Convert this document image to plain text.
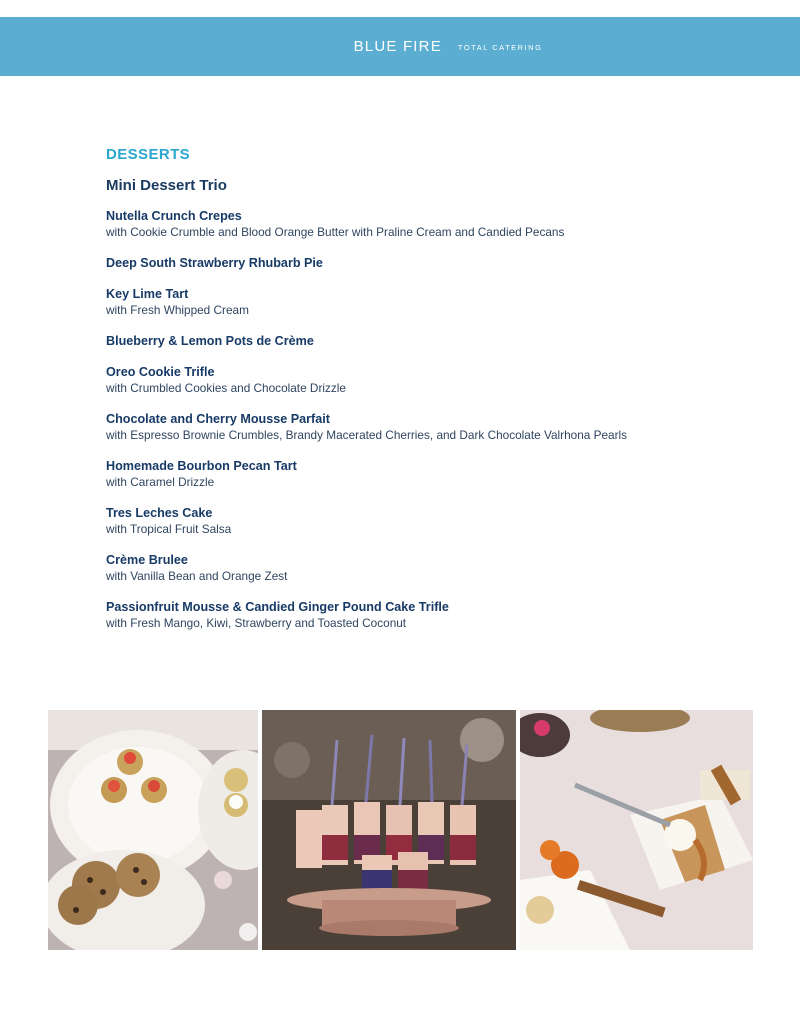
BLUE FIRE TOTAL CATERING
DESSERTS
Mini Dessert Trio
Nutella Crunch Crepes
with Cookie Crumble and Blood Orange Butter with Praline Cream and Candied Pecans
Deep South Strawberry Rhubarb Pie
Key Lime Tart
with Fresh Whipped Cream
Blueberry & Lemon Pots de Crème
Oreo Cookie Trifle
with Crumbled Cookies and Chocolate Drizzle
Chocolate and Cherry Mousse Parfait
with Espresso Brownie Crumbles, Brandy Macerated Cherries, and Dark Chocolate Valrhona Pearls
Homemade Bourbon Pecan Tart
with Caramel Drizzle
Tres Leches Cake
with Tropical Fruit Salsa
Crème Brulee
with Vanilla Bean and Orange Zest
Passionfruit Mousse & Candied Ginger Pound Cake Trifle
with Fresh Mango, Kiwi, Strawberry and Toasted Coconut
